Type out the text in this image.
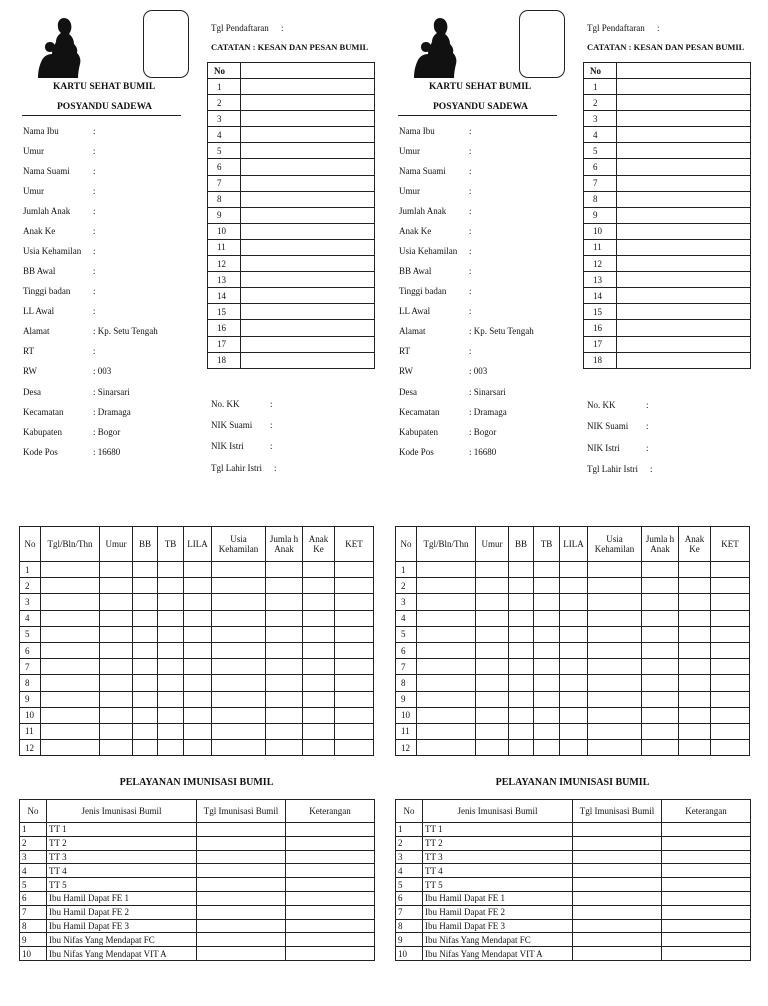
KARTU SEHAT BUMIL
POSYANDU SADEWA
Nama Ibu	:
Umur	:
Nama Suami	:
Umur	:
Jumlah Anak	:
Anak Ke	:
Usia Kehamilan :
BB Awal	:
Tinggi badan	:
LL Awal	:
Alamat	: Kp. Setu Tengah
RT	:
RW	: 003
Desa	: Sinarsari
Kecamatan	: Dramaga
Kabupaten	: Bogor
Kode Pos	: 16680
Tgl Pendaftaran :
CATATAN : KESAN DAN PESAN BUMIL
No	
1	
2	
3	
4	
5	
6	
7	
8	
9	
10	
11	
12	
13	
14	
15	
16	
17	
18	
No. KK	:
NIK Suami :
NIK Istri	:
Tgl Lahir Istri :
No	Tgl/Bln/Thn	Umur	BB	TB	LILA	Usia Kehamilan	Jumla h Anak	Anak Ke	KET
1									
2									
3									
4									
5									
6									
7									
8									
9									
10									
11									
12									
PELAYANAN IMUNISASI BUMIL
No	Jenis Imunisasi Bumil	Tgl Imunisasi Bumil	Keterangan
1	TT 1		
2	TT 2		
3	TT 3		
4	TT 4		
5	TT 5		
6	Ibu Hamil Dapat FE 1		
7	Ibu Hamil Dapat FE 2		
8	Ibu Hamil Dapat FE 3		
9	Ibu Nifas Yang Mendapat FC		
10	Ibu Nifas Yang Mendapat VIT A		
KARTU SEHAT BUMIL
POSYANDU SADEWA
Nama Ibu	:
Umur	:
Nama Suami	:
Umur	:
Jumlah Anak	:
Anak Ke	:
Usia Kehamilan :
BB Awal	:
Tinggi badan	:
LL Awal	:
Alamat	: Kp. Setu Tengah
RT	:
RW	: 003
Desa	: Sinarsari
Kecamatan	: Dramaga
Kabupaten	: Bogor
Kode Pos	: 16680
Tgl Pendaftaran :
CATATAN : KESAN DAN PESAN BUMIL
No	
1	
2	
3	
4	
5	
6	
7	
8	
9	
10	
11	
12	
13	
14	
15	
16	
17	
18	
No. KK	:
NIK Suami :
NIK Istri	:
Tgl Lahir Istri :
No	Tgl/Bln/Thn	Umur	BB	TB	LILA	Usia Kehamilan	Jumla h Anak	Anak Ke	KET
1									
2									
3									
4									
5									
6									
7									
8									
9									
10									
11									
12									
PELAYANAN IMUNISASI BUMIL
No	Jenis Imunisasi Bumil	Tgl Imunisasi Bumil	Keterangan
1	TT 1		
2	TT 2		
3	TT 3		
4	TT 4		
5	TT 5		
6	Ibu Hamil Dapat FE 1		
7	Ibu Hamil Dapat FE 2		
8	Ibu Hamil Dapat FE 3		
9	Ibu Nifas Yang Mendapat FC		
10	Ibu Nifas Yang Mendapat VIT A		
